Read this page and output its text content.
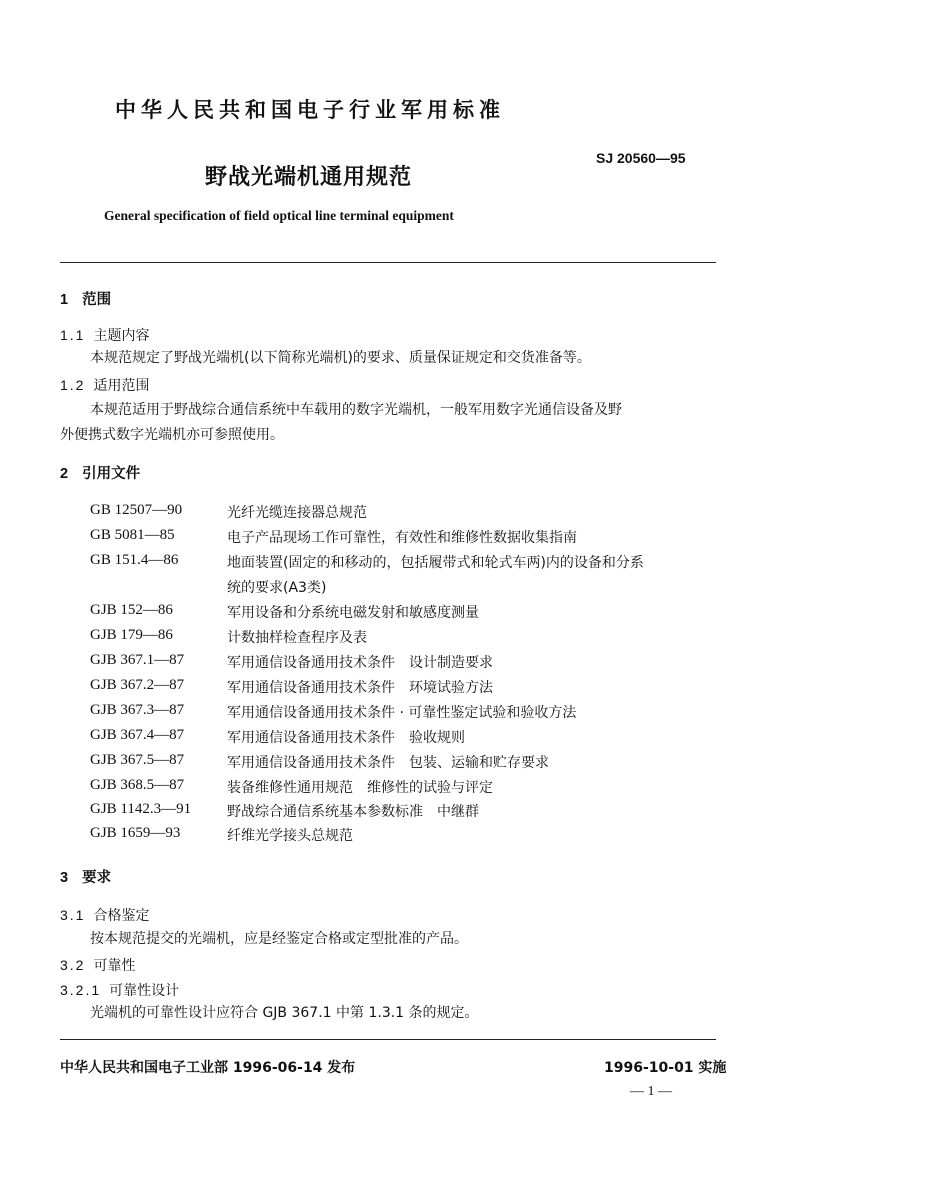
中华人民共和国电子行业军用标准
野战光端机通用规范
SJ 20560—95
General specification of field optical line terminal equipment
1 范围
1.1 主题内容
本规范规定了野战光端机(以下简称光端机)的要求、质量保证规定和交货准备等。
1.2 适用范围
本规范适用于野战综合通信系统中车载用的数字光端机，一般军用数字光通信设备及野
外便携式数字光端机亦可参照使用。
2 引用文件
GB 12507—90	光纤光缆连接器总规范
GB 5081—85	电子产品现场工作可靠性，有效性和维修性数据收集指南
GB 151.4—86	地面装置(固定的和移动的，包括履带式和轮式车两)内的设备和分系
统的要求(A3类)
GJB 152—86	军用设备和分系统电磁发射和敏感度测量
GJB 179—86	计数抽样检查程序及表
GJB 367.1—87	军用通信设备通用技术条件　设计制造要求
GJB 367.2—87	军用通信设备通用技术条件　环境试验方法
GJB 367.3—87	军用通信设备通用技术条件 · 可靠性鉴定试验和验收方法
GJB 367.4—87	军用通信设备通用技术条件　验收规则
GJB 367.5—87	军用通信设备通用技术条件　包装、运输和贮存要求
GJB 368.5—87	装备维修性通用规范　维修性的试验与评定
GJB 1142.3—91	野战综合通信系统基本参数标准　中继群
GJB 1659—93	纤维光学接头总规范
3 要求
3.1 合格鉴定
按本规范提交的光端机，应是经鉴定合格或定型批准的产品。
3.2 可靠性
3.2.1 可靠性设计
光端机的可靠性设计应符合 GJB 367.1 中第 1.3.1 条的规定。
中华人民共和国电子工业部 1996-06-14 发布	1996-10-01 实施
— 1 —
